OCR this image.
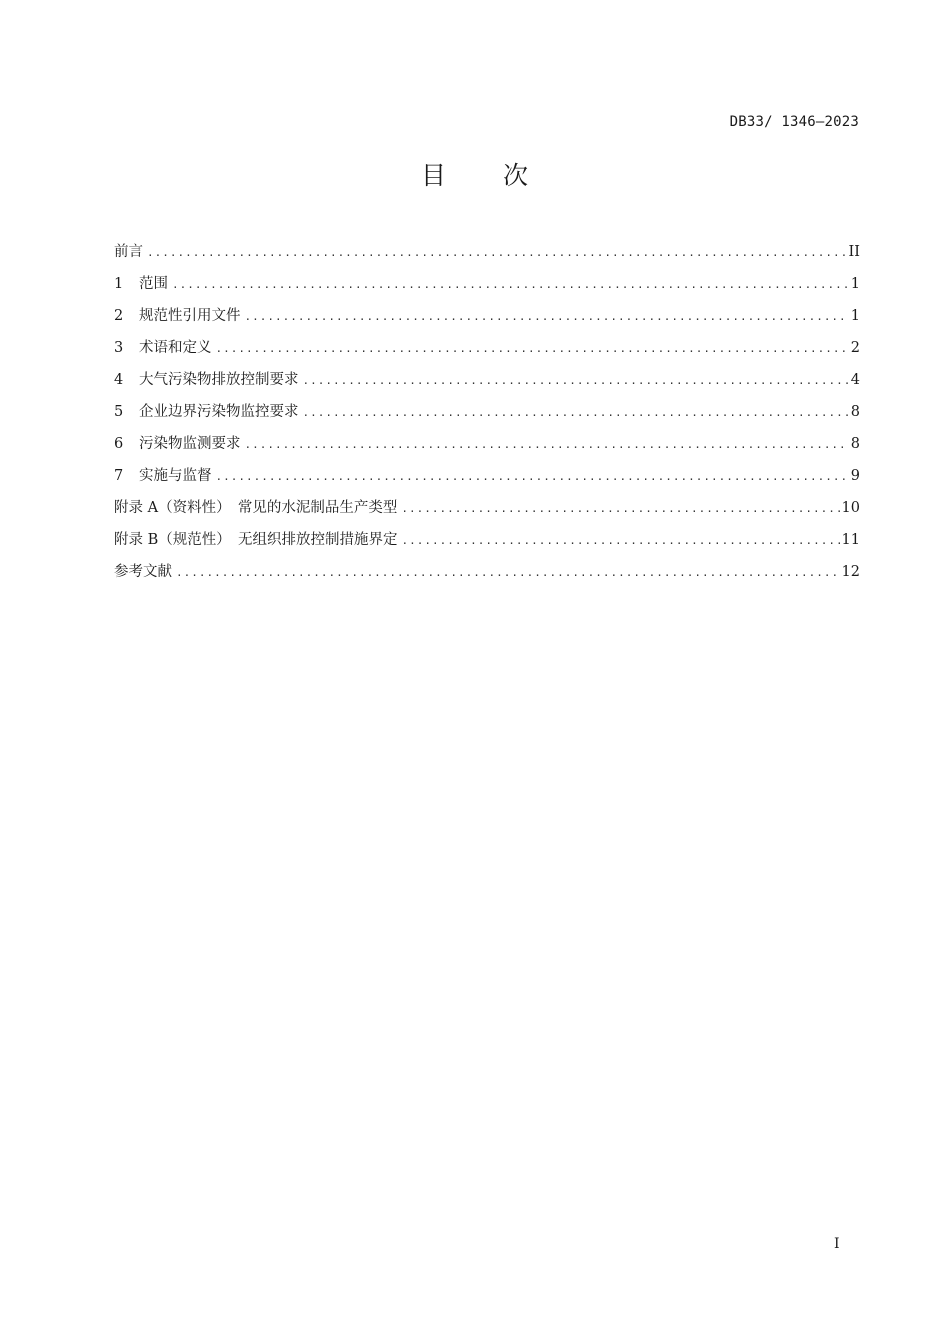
DB33/ 1346—2023
目 次
前言 .....	II
1 范围 .....	1
2 规范性引用文件 .....	1
3 术语和定义 .....	2
4 大气污染物排放控制要求 .....	4
5 企业边界污染物监控要求 .....	8
6 污染物监测要求 .....	8
7 实施与监督 .....	9
附录 A（资料性）　常见的水泥制品生产类型 .....	10
附录 B（规范性）　无组织排放控制措施界定 .....	11
参考文献 .....	12
I
